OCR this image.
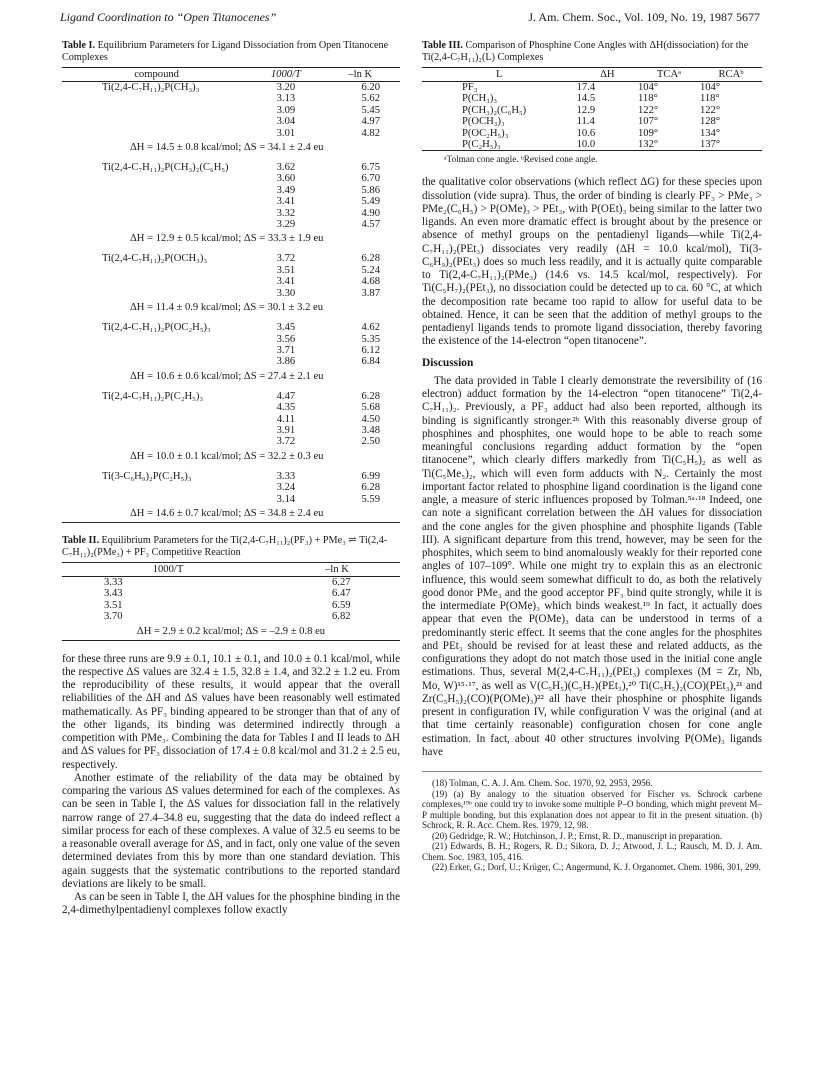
Ligand Coordination to “Open Titanocenes”	J. Am. Chem. Soc., Vol. 109, No. 19, 1987 5677

Table I. Equilibrium Parameters for Ligand Dissociation from Open Titanocene Complexes

compound	1000/T	–ln K
Ti(2,4-C₇H₁₁)₂P(CH₃)₃	3.20	6.20
	3.13	5.62
	3.09	5.45
	3.04	4.97
	3.01	4.82
ΔH = 14.5 ± 0.8 kcal/mol; ΔS = 34.1 ± 2.4 eu		

Ti(2,4-C₇H₁₁)₂P(CH₃)₂(C₆H₅)	3.62	6.75
	3.60	6.70
	3.49	5.86
	3.41	5.49
	3.32	4.90
	3.29	4.57
ΔH = 12.9 ± 0.5 kcal/mol; ΔS = 33.3 ± 1.9 eu		

Ti(2,4-C₇H₁₁)₂P(OCH₃)₃	3.72	6.28
	3.51	5.24
	3.41	4.68
	3.30	3.87
ΔH = 11.4 ± 0.9 kcal/mol; ΔS = 30.1 ± 3.2 eu		

Ti(2,4-C₇H₁₁)₂P(OC₂H₅)₃	3.45	4.62
	3.56	5.35
	3.71	6.12
	3.86	6.84
ΔH = 10.6 ± 0.6 kcal/mol; ΔS = 27.4 ± 2.1 eu		

Ti(2,4-C₇H₁₁)₂P(C₂H₅)₃	4.47	6.28
	4.35	5.68
	4.11	4.50
	3.91	3.48
	3.72	2.50
ΔH = 10.0 ± 0.1 kcal/mol; ΔS = 32.2 ± 0.3 eu		

Ti(3-C₆H₉)₂P(C₂H₅)₃	3.33	6.99
	3.24	6.28
	3.14	5.59
ΔH = 14.6 ± 0.7 kcal/mol; ΔS = 34.8 ± 2.4 eu		

Table II. Equilibrium Parameters for the Ti(2,4-C₇H₁₁)₂(PF₃) + PMe₃ ⇌ Ti(2,4-C₇H₁₁)₂(PMe₃) + PF₃ Competitive Reaction

1000/T	–ln K
3.33	6.27
3.43	6.47
3.51	6.59
3.70	6.82
ΔH = 2.9 ± 0.2 kcal/mol; ΔS = –2.9 ± 0.8 eu	

for these three runs are 9.9 ± 0.1, 10.1 ± 0.1, and 10.0 ± 0.1 kcal/mol, while the respective ΔS values are 32.4 ± 1.5, 32.8 ± 1.4, and 32.2 ± 1.2 eu. From the reproducibility of these results, it would appear that the overall reliabilities of the ΔH and ΔS values have been reasonably well estimated mathematically. As PF₃ binding appeared to be stronger than that of any of the other ligands, its binding was determined indirectly through a competition with PMe₃. Combining the data for Tables I and II leads to ΔH and ΔS values for PF₃ dissociation of 17.4 ± 0.8 kcal/mol and 31.2 ± 2.5 eu, respectively.

Another estimate of the reliability of the data may be obtained by comparing the various ΔS values determined for each of the complexes. As can be seen in Table I, the ΔS values for dissociation fall in the relatively narrow range of 27.4–34.8 eu, suggesting that the data do indeed reflect a similar process for each of these complexes. A value of 32.5 eu seems to be a reasonable overall average for ΔS, and in fact, only one value of the seven determined deviates from this by more than one standard deviation. This again suggests that the systematic contributions to the reported standard deviations are likely to be small.

As can be seen in Table I, the ΔH values for the phosphine binding in the 2,4-dimethylpentadienyl complexes follow exactly

Table III. Comparison of Phosphine Cone Angles with ΔH(dissociation) for the Ti(2,4-C₇H₁₁)₂(L) Complexes

L	ΔH	TCAᵃ	RCAᵇ
PF₃	17.4	104°	104°
P(CH₃)₃	14.5	118°	118°
P(CH₃)₂(C₆H₅)	12.9	122°	122°
P(OCH₃)₃	11.4	107°	128°
P(OC₂H₅)₃	10.6	109°	134°
P(C₂H₅)₃	10.0	132°	137°
ᵃTolman cone angle. ᵇRevised cone angle.

the qualitative color observations (which reflect ΔG) for these species upon dissolution (vide supra). Thus, the order of binding is clearly PF₃ > PMe₃ > PMe₂(C₆H₅) > P(OMe)₃ > PEt₃, with P(OEt)₃ being similar to the latter two ligands. An even more dramatic effect is brought about by the presence or absence of methyl groups on the pentadienyl ligands—while Ti(2,4-C₇H₁₁)₂(PEt₃) dissociates very readily (ΔH = 10.0 kcal/mol), Ti(3-C₆H₉)₂(PEt₃) does so much less readily, and it is actually quite comparable to Ti(2,4-C₇H₁₁)₂(PMe₃) (14.6 vs. 14.5 kcal/mol, respectively). For Ti(C₅H₇)₂(PEt₃), no dissociation could be detected up to ca. 60 °C, at which the decomposition rate became too rapid to allow for useful data to be obtained. Hence, it can be seen that the addition of methyl groups to the pentadienyl ligands tends to promote ligand dissociation, thereby favoring the existence of the 14-electron “open titanocene”.

Discussion

The data provided in Table I clearly demonstrate the reversibility of (16 electron) adduct formation by the 14-electron “open titanocene” Ti(2,4-C₇H₁₁)₂. Previously, a PF₃ adduct had also been reported, although its binding is significantly stronger.²ᵇ With this reasonably diverse group of phosphines and phosphites, one would hope to be able to reach some meaningful conclusions regarding adduct formation by the “open titanocene”, which clearly differs markedly from Ti(C₅H₅)₂ as well as Ti(C₅Me₅)₂, which will even form adducts with N₂. Certainly the most important factor related to phosphine ligand coordination is the ligand cone angle, a measure of steric influences proposed by Tolman.⁵ᵃ·¹⁸ Indeed, one can note a significant correlation between the ΔH values for dissociation and the cone angles for the given phosphine and phosphite ligands (Table III). A significant departure from this trend, however, may be seen for the phosphites, which seem to bind anomalously weakly for their reported cone angles of 107–109°. While one might try to explain this as an electronic influence, this would seem somewhat difficult to do, as both the relatively good donor PMe₃ and the good acceptor PF₃ bind quite strongly, while it is the intermediate P(OMe)₃ which binds weakest.¹⁹ In fact, it actually does appear that even the P(OMe)₃ data can be understood in terms of a predominantly steric effect. It seems that the cone angles for the phosphites and PEt₃ should be revised for at least these and related adducts, as the configurations they adopt do not match those used in the initial cone angle estimations. Thus, several M(2,4-C₇H₁₁)₂(PEt₃) complexes (M = Zr, Nb, Mo, W)¹⁵·¹⁷, as well as V(C₅H₅)(C₅H₇)(PEt₃),²⁰ Ti(C₅H₅)₂(CO)(PEt₃),²¹ and Zr(C₅H₅)₂(CO)(P(OMe)₃)²² all have their phosphine or phosphite ligands present in configuration IV, while configuration V was the original (and at that time certainly reasonable) configuration chosen for cone angle estimation. In fact, about 40 other structures involving P(OMe)₃ ligands have

(18) Tolman, C. A. J. Am. Chem. Soc. 1970, 92, 2953, 2956.

(19) (a) By analogy to the situation observed for Fischer vs. Schrock carbene complexes,¹⁹ᵇ one could try to invoke some multiple P–O bonding, which might prevent M–P multiple bonding, but this explanation does not appear to fit in the present situation. (b) Schrock, R. R. Acc. Chem. Res. 1979, 12, 98.

(20) Gedridge, R. W.; Hutchinson, J. P.; Ernst, R. D., manuscript in preparation.

(21) Edwards, B. H.; Rogers, R. D.; Sikora, D. J.; Atwood, J. L.; Rausch, M. D. J. Am. Chem. Soc. 1983, 105, 416.

(22) Erker, G.; Dorf, U.; Krüger, C.; Angermund, K. J. Organomet. Chem. 1986, 301, 299.
